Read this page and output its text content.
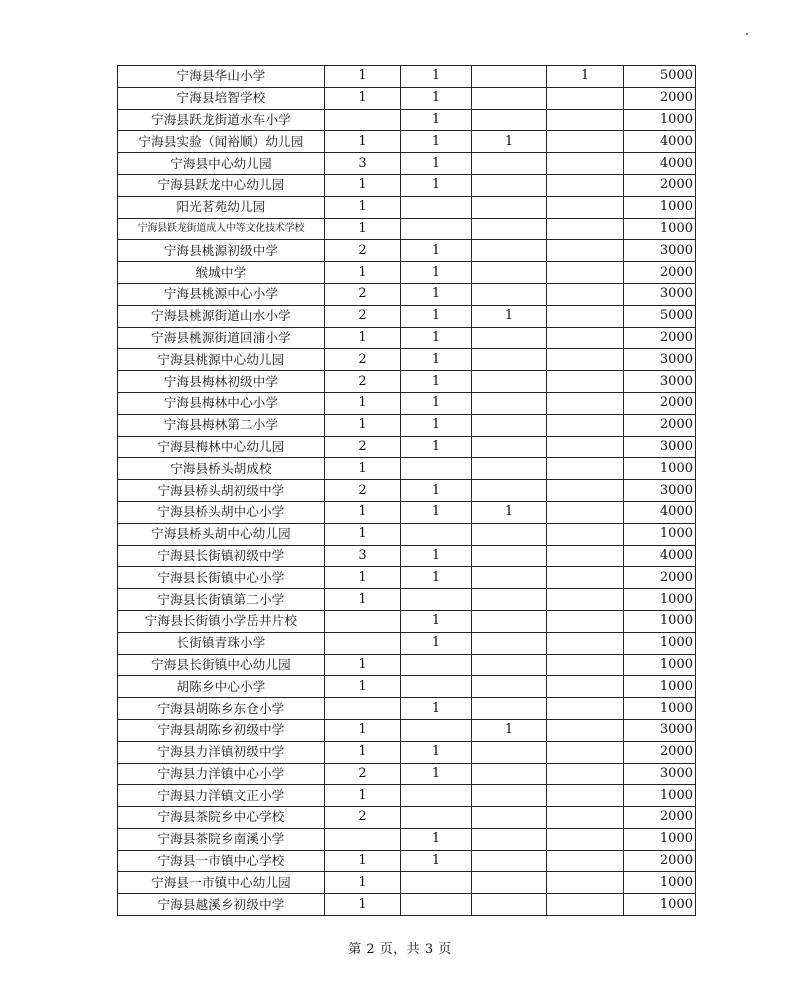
宁海县华山小学	1	1		1	5000
宁海县培智学校	1	1			2000
宁海县跃龙街道水车小学		1			1000
宁海县实验（闻裕顺）幼儿园	1	1	1		4000
宁海县中心幼儿园	3	1			4000
宁海县跃龙中心幼儿园	1	1			2000
阳光茗苑幼儿园	1				1000
宁海县跃龙街道成人中等文化技术学校	1				1000
宁海县桃源初级中学	2	1			3000
缑城中学	1	1			2000
宁海县桃源中心小学	2	1			3000
宁海县桃源街道山水小学	2	1	1		5000
宁海县桃源街道回浦小学	1	1			2000
宁海县桃源中心幼儿园	2	1			3000
宁海县梅林初级中学	2	1			3000
宁海县梅林中心小学	1	1			2000
宁海县梅林第二小学	1	1			2000
宁海县梅林中心幼儿园	2	1			3000
宁海县桥头胡成校	1				1000
宁海县桥头胡初级中学	2	1			3000
宁海县桥头胡中心小学	1	1	1		4000
宁海县桥头胡中心幼儿园	1				1000
宁海县长街镇初级中学	3	1			4000
宁海县长街镇中心小学	1	1			2000
宁海县长街镇第二小学	1				1000
宁海县长街镇小学岳井片校		1			1000
长街镇青珠小学		1			1000
宁海县长街镇中心幼儿园	1				1000
胡陈乡中心小学	1				1000
宁海县胡陈乡东仓小学		1			1000
宁海县胡陈乡初级中学	1		1		3000
宁海县力洋镇初级中学	1	1			2000
宁海县力洋镇中心小学	2	1			3000
宁海县力洋镇文正小学	1				1000
宁海县茶院乡中心学校	2				2000
宁海县茶院乡南溪小学		1			1000
宁海县一市镇中心学校	1	1			2000
宁海县一市镇中心幼儿园	1				1000
宁海县越溪乡初级中学	1				1000
第 2 页，共 3 页
